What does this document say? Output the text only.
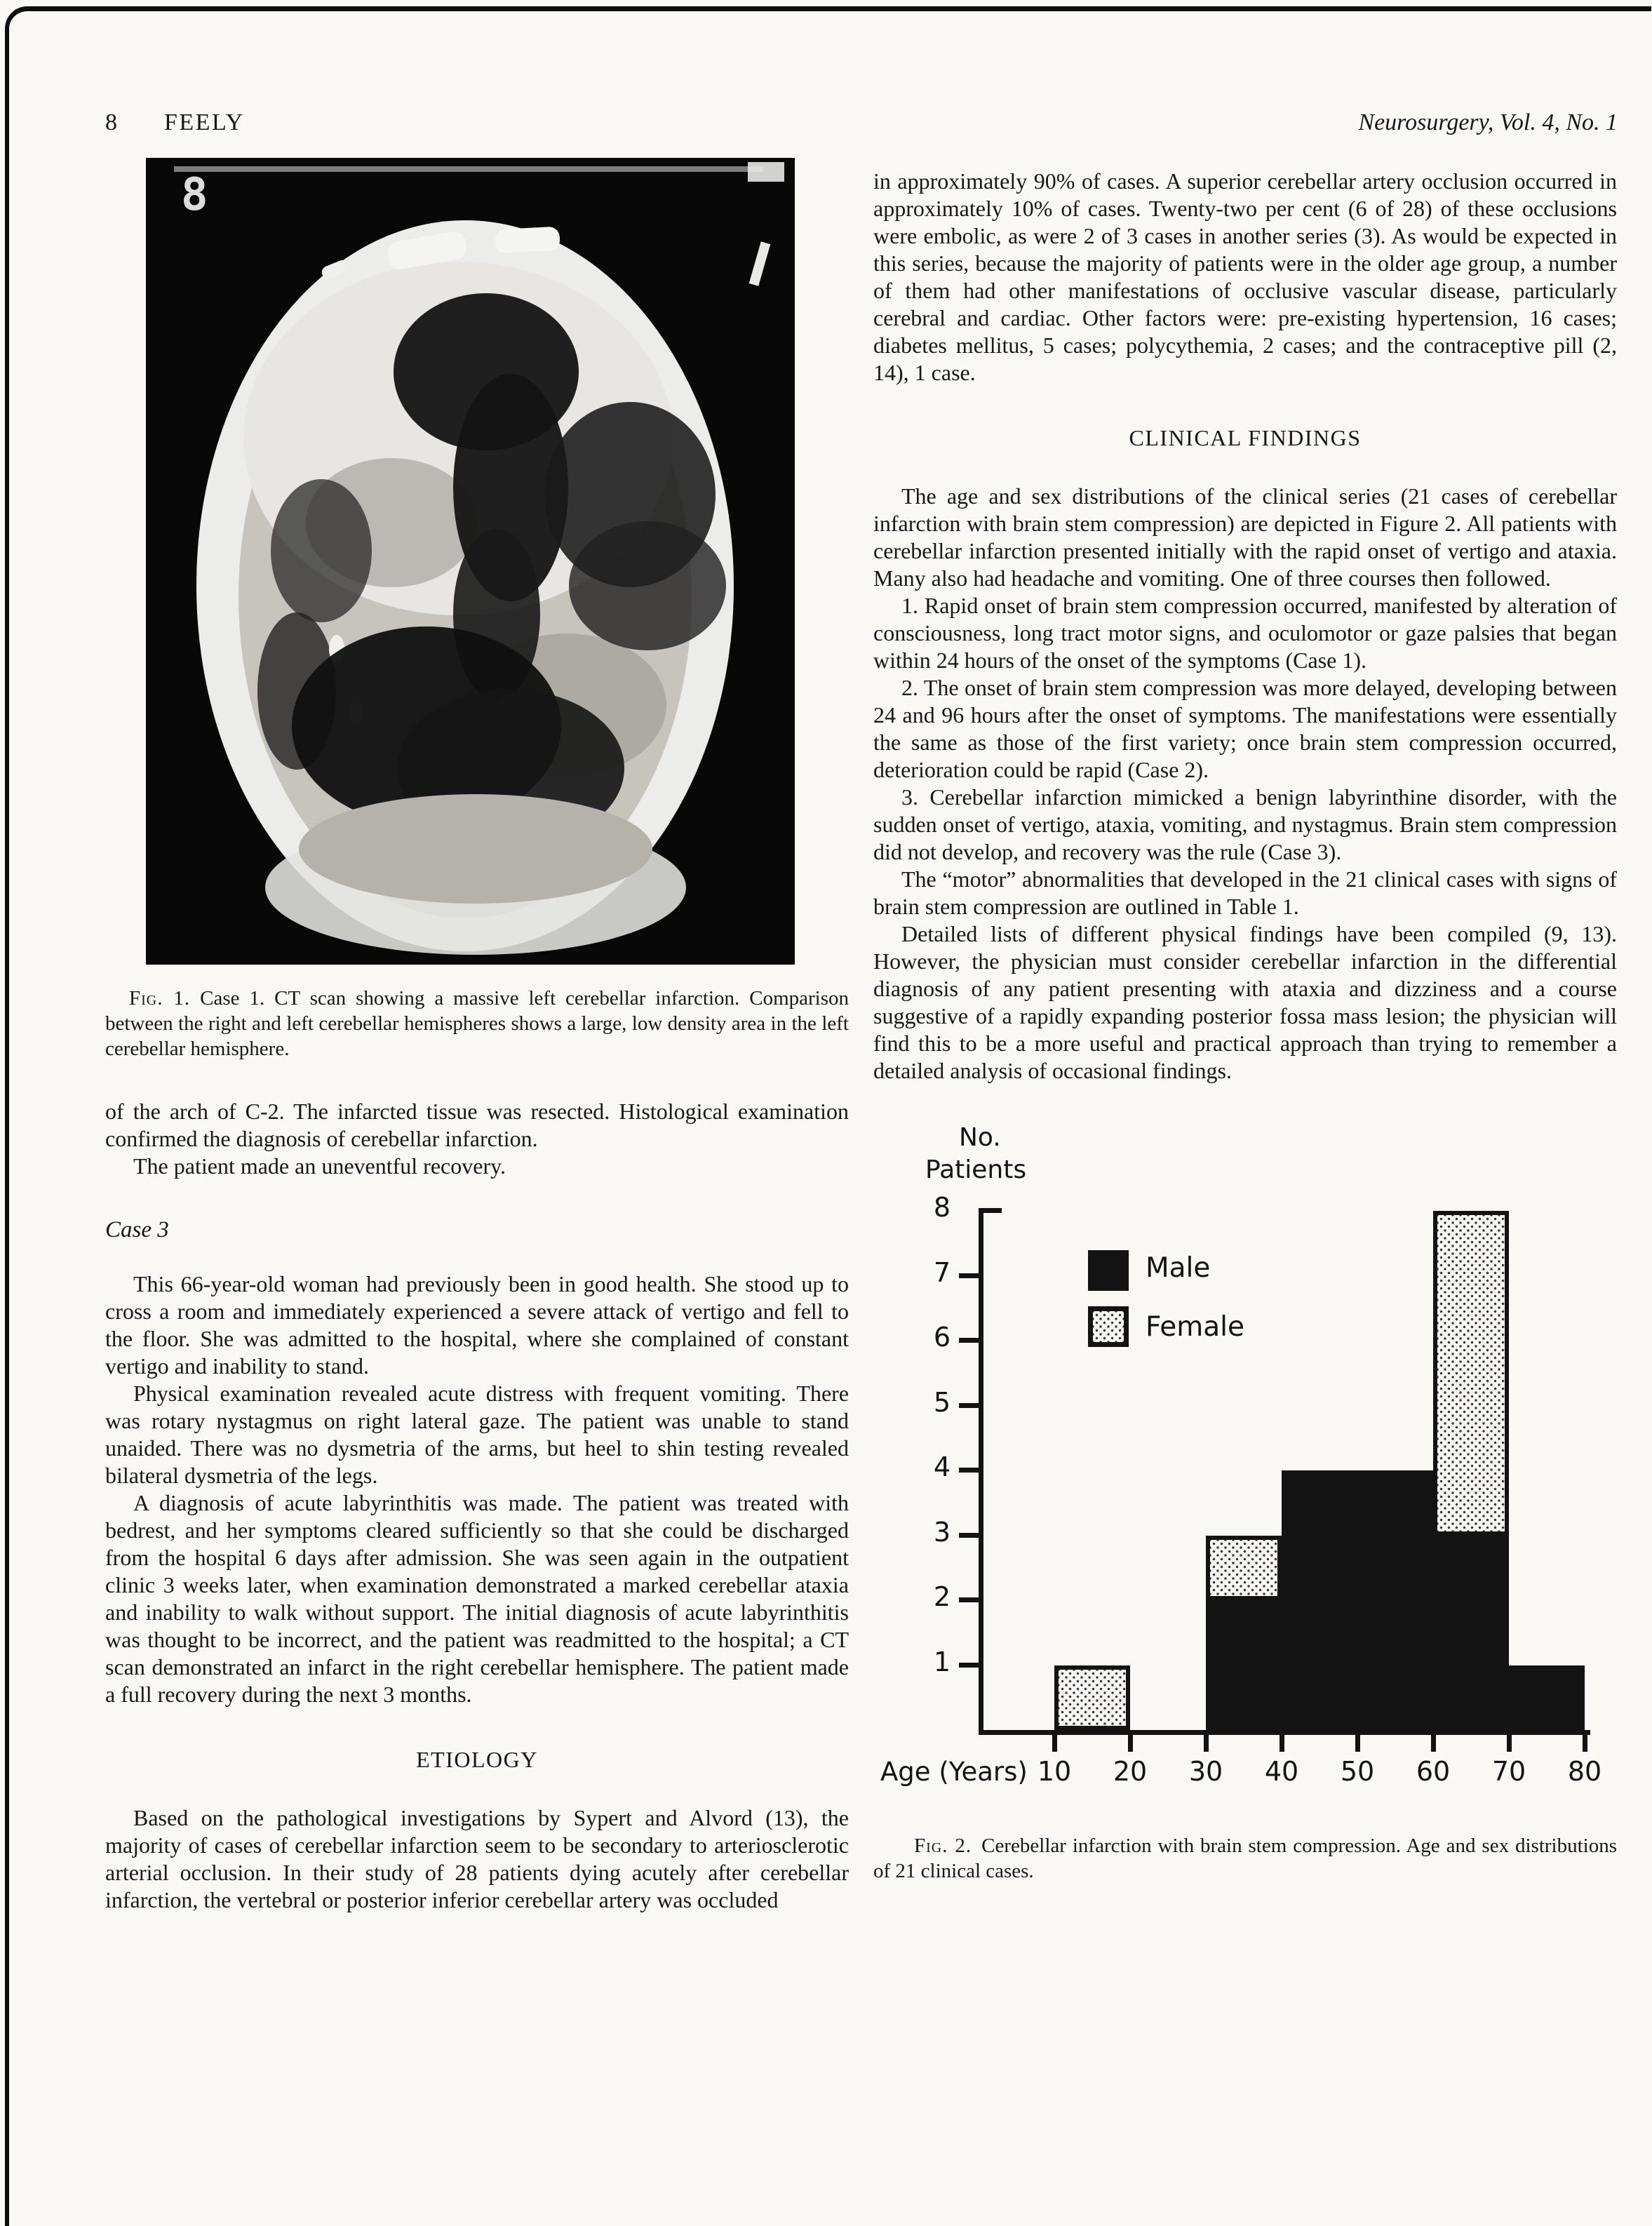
8 FEELY	Neurosurgery, Vol. 4, No. 1
8

Fig. 1. Case 1. CT scan showing a massive left cerebellar infarction. Comparison between the right and left cerebellar hemispheres shows a large, low density area in the left cerebellar hemisphere.

of the arch of C-2. The infarcted tissue was resected. Histological examination confirmed the diagnosis of cerebellar infarction.

The patient made an uneventful recovery.

Case 3

This 66-year-old woman had previously been in good health. She stood up to cross a room and immediately experienced a severe attack of vertigo and fell to the floor. She was admitted to the hospital, where she complained of constant vertigo and inability to stand.

Physical examination revealed acute distress with frequent vomiting. There was rotary nystagmus on right lateral gaze. The patient was unable to stand unaided. There was no dysmetria of the arms, but heel to shin testing revealed bilateral dysmetria of the legs.

A diagnosis of acute labyrinthitis was made. The patient was treated with bedrest, and her symptoms cleared sufficiently so that she could be discharged from the hospital 6 days after admission. She was seen again in the outpatient clinic 3 weeks later, when examination demonstrated a marked cerebellar ataxia and inability to walk without support. The initial diagnosis of acute labyrinthitis was thought to be incorrect, and the patient was readmitted to the hospital; a CT scan demonstrated an infarct in the right cerebellar hemisphere. The patient made a full recovery during the next 3 months.

ETIOLOGY

Based on the pathological investigations by Sypert and Alvord (13), the majority of cases of cerebellar infarction seem to be secondary to arteriosclerotic arterial occlusion. In their study of 28 patients dying acutely after cerebellar infarction, the vertebral or posterior inferior cerebellar artery was occluded

in approximately 90% of cases. A superior cerebellar artery occlusion occurred in approximately 10% of cases. Twenty-two per cent (6 of 28) of these occlusions were embolic, as were 2 of 3 cases in another series (3). As would be expected in this series, because the majority of patients were in the older age group, a number of them had other manifestations of occlusive vascular disease, particularly cerebral and cardiac. Other factors were: pre-existing hypertension, 16 cases; diabetes mellitus, 5 cases; polycythemia, 2 cases; and the contraceptive pill (2, 14), 1 case.

CLINICAL FINDINGS

The age and sex distributions of the clinical series (21 cases of cerebellar infarction with brain stem compression) are depicted in Figure 2. All patients with cerebellar infarction presented initially with the rapid onset of vertigo and ataxia. Many also had headache and vomiting. One of three courses then followed.

1. Rapid onset of brain stem compression occurred, manifested by alteration of consciousness, long tract motor signs, and oculomotor or gaze palsies that began within 24 hours of the onset of the symptoms (Case 1).

2. The onset of brain stem compression was more delayed, developing between 24 and 96 hours after the onset of symptoms. The manifestations were essentially the same as those of the first variety; once brain stem compression occurred, deterioration could be rapid (Case 2).

3. Cerebellar infarction mimicked a benign labyrinthine disorder, with the sudden onset of vertigo, ataxia, vomiting, and nystagmus. Brain stem compression did not develop, and recovery was the rule (Case 3).

The “motor” abnormalities that developed in the 21 clinical cases with signs of brain stem compression are outlined in Table 1.

Detailed lists of different physical findings have been compiled (9, 13). However, the physician must consider cerebellar infarction in the differential diagnosis of any patient presenting with ataxia and dizziness and a course suggestive of a rapidly expanding posterior fossa mass lesion; the physician will find this to be a more useful and practical approach than trying to remember a detailed analysis of occasional findings.

No.
Patients
Age (Years)
Male
Female
1
2
3
4
5
6
7
8
10	20	30	40	50	60	70	80

Fig. 2. Cerebellar infarction with brain stem compression. Age and sex distributions of 21 clinical cases.
